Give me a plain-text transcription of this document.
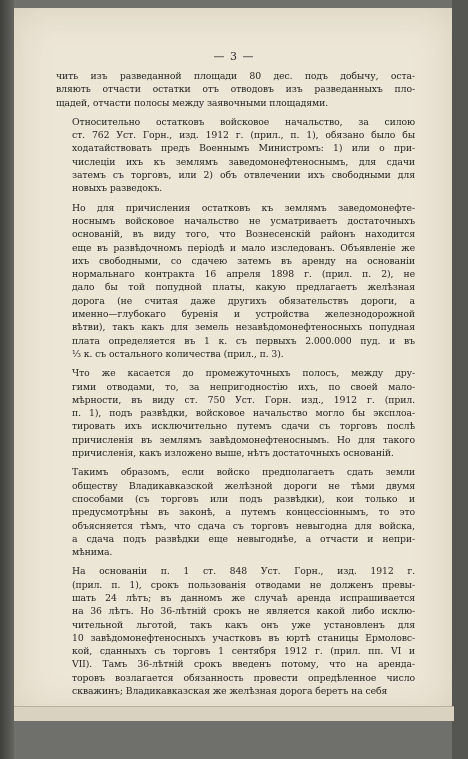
— 3 —

чить изъ разведанной площади 80 дес. подъ добычу, оста-
вляють отчасти остатки отъ отводовъ изъ разведанныхъ пло-
щадей, отчасти полосы между заявочными площадями.

Относительно остатковъ войсковое начальство, за силою
ст. 762 Уст. Горн., изд. 1912 г. (прил., п. 1), обязано было бы
ходатайствовать предъ Военнымъ Министромъ: 1) или о при-
числеціи ихъ къ землямъ заведомонефтеноснымъ, для сдачи
затемъ съ торговъ, или 2) объ отвлечении ихъ свободными для
новыхъ разведокъ.

Но для причисления остатковъ къ землямъ заведомонефте-
носнымъ войсковое начальство не усматриваетъ достаточныхъ
основаній, въ виду того, что Вознесенскій районъ находится
еще въ развѣдочномъ періодѣ и мало изследованъ. Объявленіе же
ихъ свободными, со сдачею затемъ въ аренду на основаніи
нормальнаго контракта 16 апреля 1898 г. (прил. п. 2), не
дало бы той попудной платы, какую предлагаетъ желѣзная
дорога (не считая даже другихъ обязательствъ дороги, а
именно—глубокаго буренія и устройства железнодорожной
вѣтви), такъ какъ для земель незавѣдомонефтеносныхъ попудная
плата определяется въ 1 к. съ первыхъ 2.000.000 пуд. и въ
⅓ к. съ остального количества (прил., п. 3).

Что же касается до промежуточныхъ полосъ, между дру-
гими отводами, то, за непригодностію ихъ, по своей мало-
мѣрности, въ виду ст. 750 Уст. Горн. изд., 1912 г. (прил.
п. 1), подъ развѣдки, войсковое начальство могло бы эксплоа-
тировать ихъ исключительно путемъ сдачи съ торговъ послѣ
причисленія въ землямъ завѣдомонефтеноснымъ. Но для такого
причисленія, какъ изложено выше, нѣтъ достаточныхъ основаній.

Такимъ образомъ, если войско предполагаетъ сдать земли
обществу Владикавказской желѣзной дороги не тѣми двумя
способами (съ торговъ или подъ развѣдки), кои только и
предусмотрѣны въ законѣ, а путемъ концессіоннымъ, то это
объясняется тѣмъ, что сдача съ торговъ невыгодна для войска,
а сдача подъ развѣдки еще невыгоднѣе, а отчасти и непри-
мѣнима.

На основаніи п. 1 ст. 848 Уст. Горн., изд. 1912 г.
(прил. п. 1), срокъ пользованія отводами не долженъ превы-
шать 24 лѣтъ; въ данномъ же случаѣ аренда испрашивается
на 36 лѣтъ. Но 36-лѣтній срокъ не является какой либо исклю-
чительной льготой, такъ какъ онъ уже установленъ для
10 завѣдомонефтеносныхъ участковъ въ юртѣ станицы Ермоловс-
кой, сданныхъ съ торговъ 1 сентября 1912 г. (прил. пп. VI и
VII). Тамъ 36-лѣтній срокъ введенъ потому, что на аренда-
торовъ возлагается обязанность провести опредѣленное число
скважинъ; Владикавказская же желѣзная дорога беретъ на себя
